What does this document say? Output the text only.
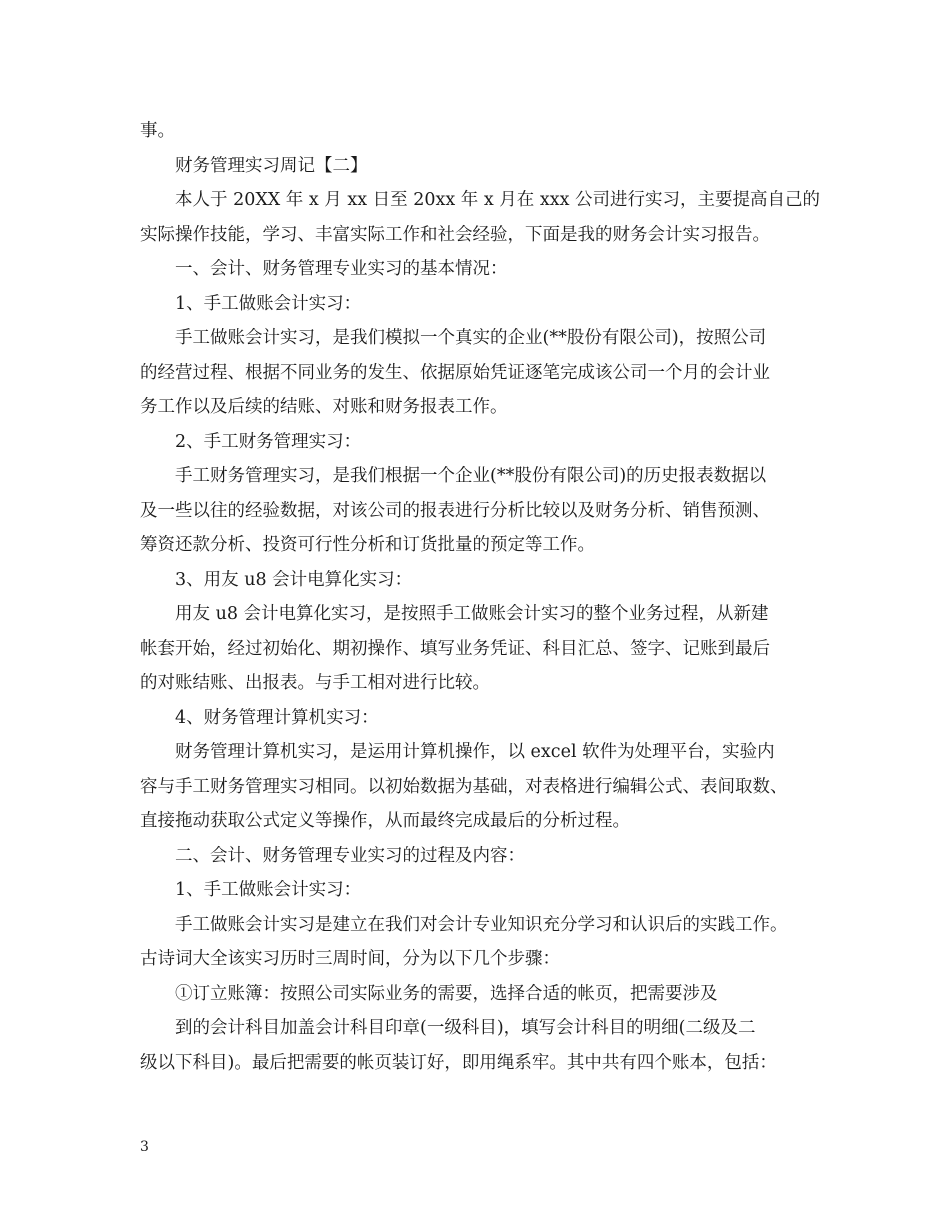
事。
财务管理实习周记【二】
本人于 20XX 年 x 月 xx 日至 20xx 年 x 月在 xxx 公司进行实习，主要提高自己的
实际操作技能，学习、丰富实际工作和社会经验，下面是我的财务会计实习报告。
一、会计、财务管理专业实习的基本情况：
1、手工做账会计实习：
手工做账会计实习，是我们模拟一个真实的企业(**股份有限公司)，按照公司
的经营过程、根据不同业务的发生、依据原始凭证逐笔完成该公司一个月的会计业
务工作以及后续的结账、对账和财务报表工作。
2、手工财务管理实习：
手工财务管理实习，是我们根据一个企业(**股份有限公司)的历史报表数据以
及一些以往的经验数据，对该公司的报表进行分析比较以及财务分析、销售预测、
筹资还款分析、投资可行性分析和订货批量的预定等工作。
3、用友 u8 会计电算化实习：
用友 u8 会计电算化实习，是按照手工做账会计实习的整个业务过程，从新建
帐套开始，经过初始化、期初操作、填写业务凭证、科目汇总、签字、记账到最后
的对账结账、出报表。与手工相对进行比较。
4、财务管理计算机实习：
财务管理计算机实习，是运用计算机操作，以 excel 软件为处理平台，实验内
容与手工财务管理实习相同。以初始数据为基础，对表格进行编辑公式、表间取数、
直接拖动获取公式定义等操作，从而最终完成最后的分析过程。
二、会计、财务管理专业实习的过程及内容：
1、手工做账会计实习：
手工做账会计实习是建立在我们对会计专业知识充分学习和认识后的实践工作。
古诗词大全该实习历时三周时间，分为以下几个步骤：
①订立账簿：按照公司实际业务的需要，选择合适的帐页，把需要涉及
到的会计科目加盖会计科目印章(一级科目)，填写会计科目的明细(二级及二
级以下科目)。最后把需要的帐页装订好，即用绳系牢。其中共有四个账本，包括：
3
